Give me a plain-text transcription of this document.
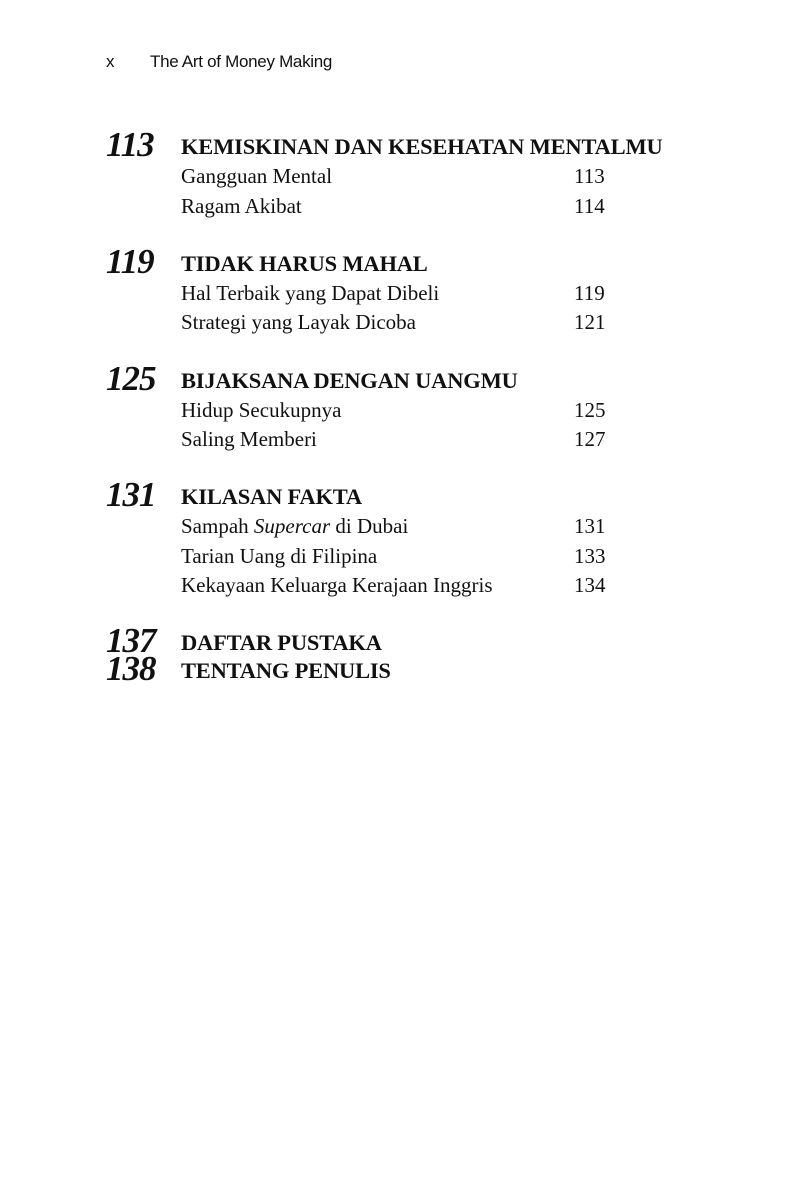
x	The Art of Money Making
113 KEMISKINAN DAN KESEHATAN MENTALMU
Gangguan Mental	113
Ragam Akibat	114
119 TIDAK HARUS MAHAL
Hal Terbaik yang Dapat Dibeli	119
Strategi yang Layak Dicoba	121
125 BIJAKSANA DENGAN UANGMU
Hidup Secukupnya	125
Saling Memberi	127
131 KILASAN FAKTA
Sampah Supercar di Dubai	131
Tarian Uang di Filipina	133
Kekayaan Keluarga Kerajaan Inggris	134
137 DAFTAR PUSTAKA
138 TENTANG PENULIS
